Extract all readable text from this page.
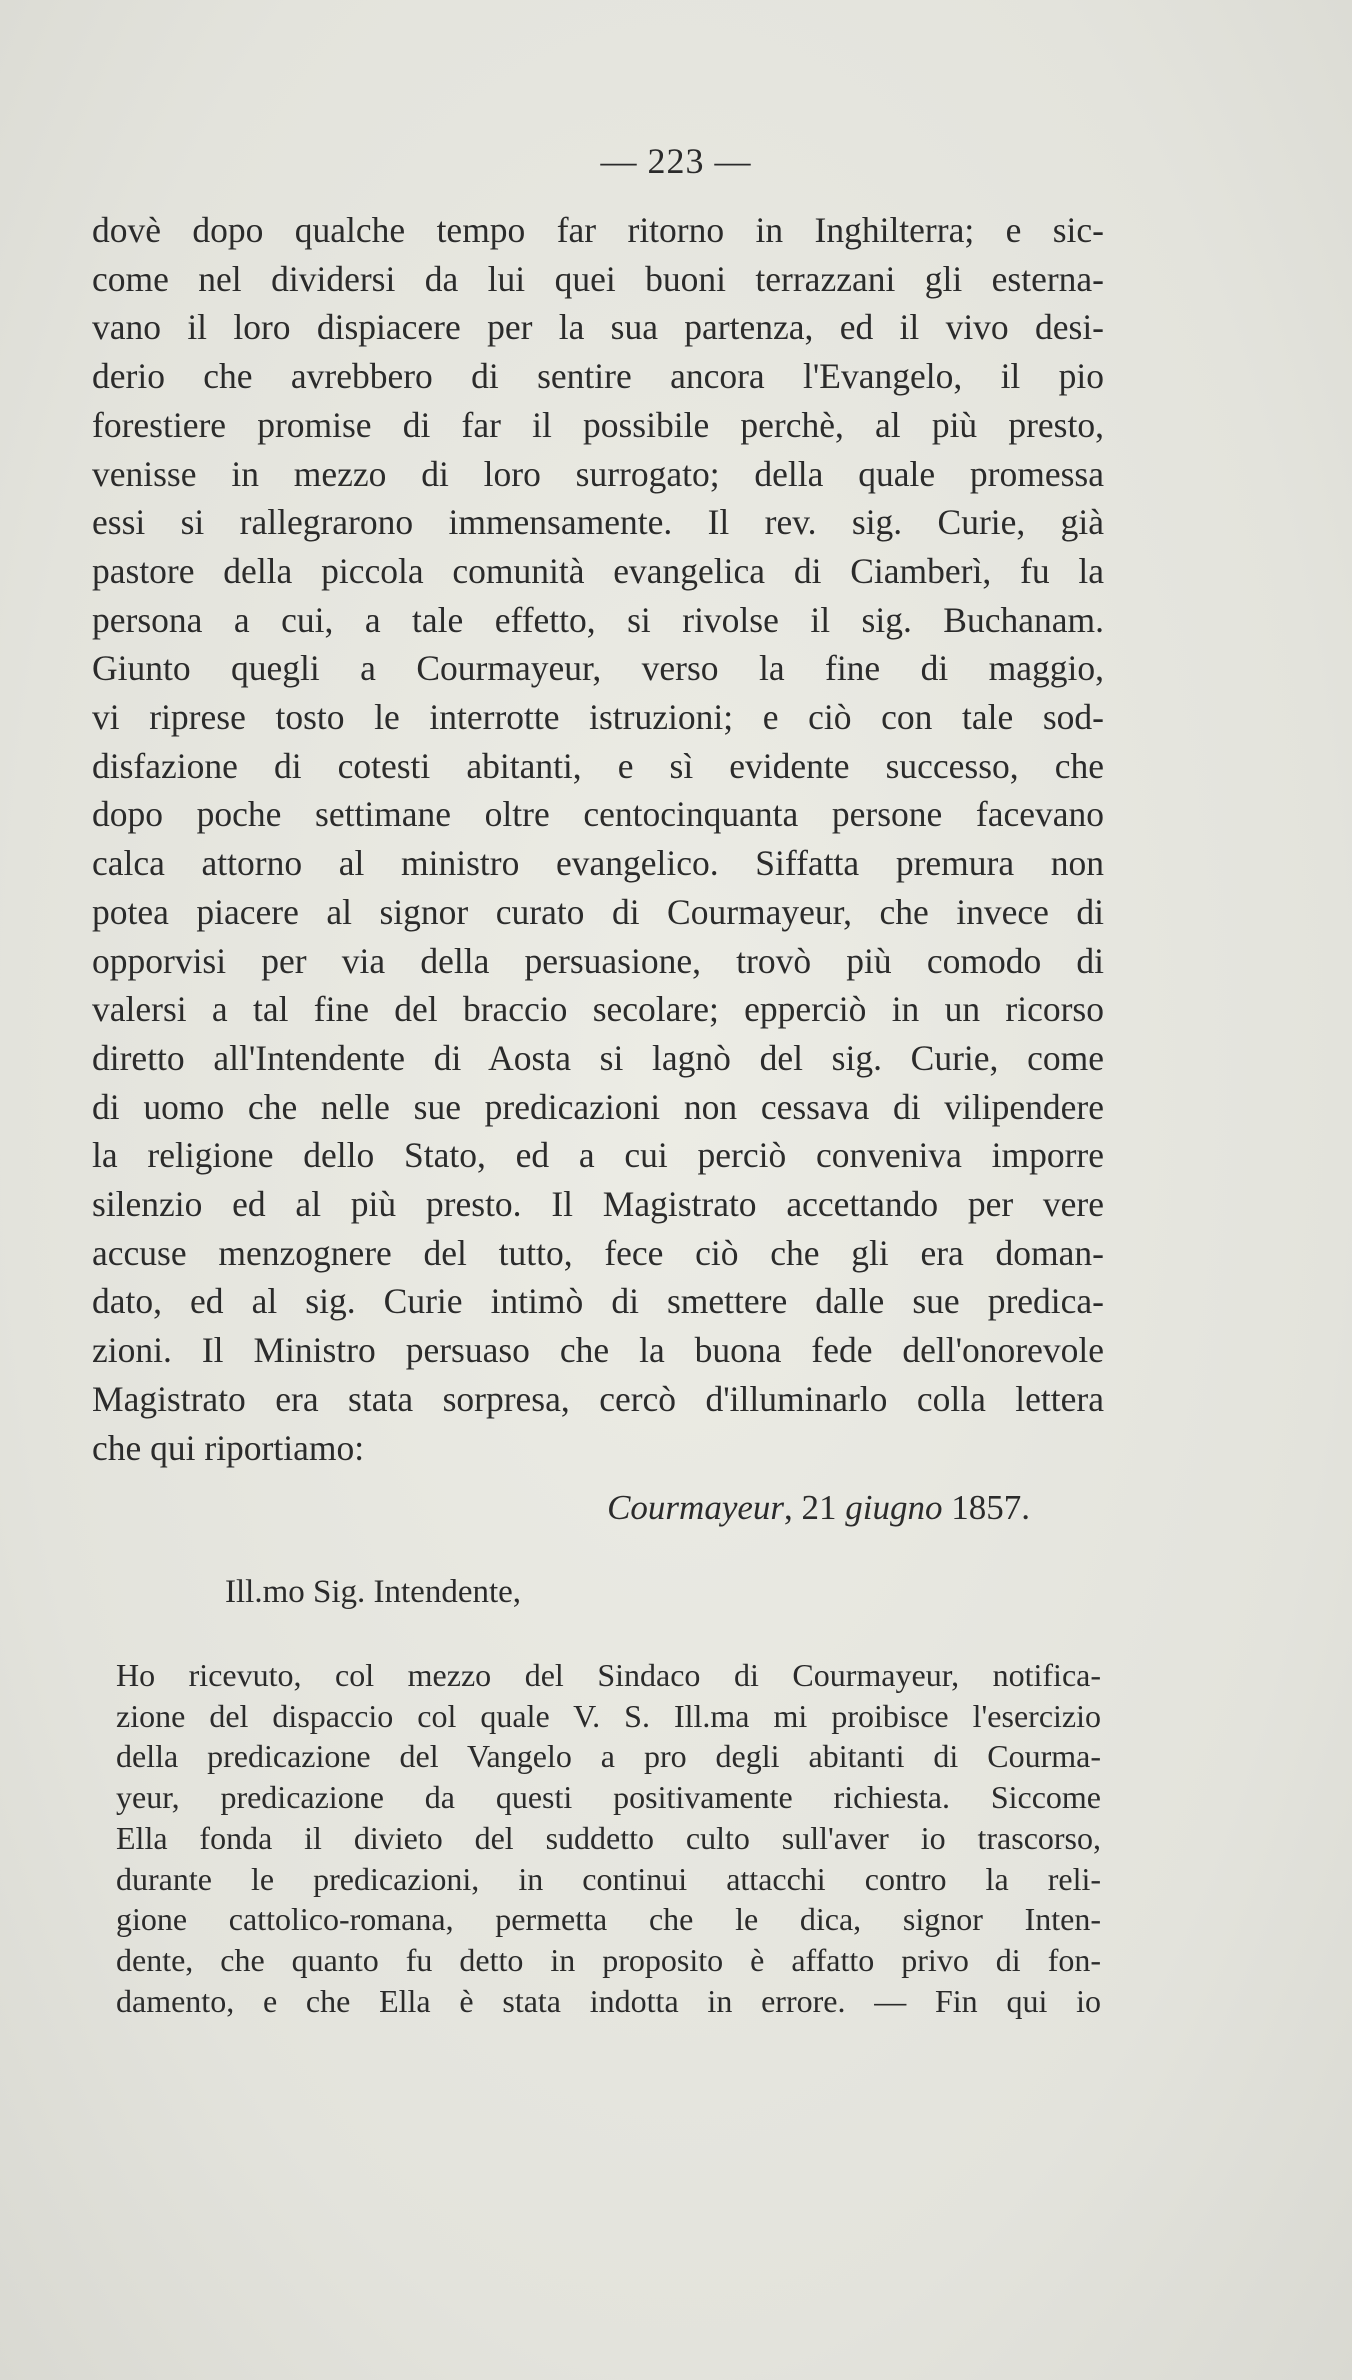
— 223 —
dovè dopo qualche tempo far ritorno in Inghilterra; e sic-
come nel dividersi da lui quei buoni terrazzani gli esterna-
vano il loro dispiacere per la sua partenza, ed il vivo desi-
derio che avrebbero di sentire ancora l'Evangelo, il pio
forestiere promise di far il possibile perchè, al più presto,
venisse in mezzo di loro surrogato; della quale promessa
essi si rallegrarono immensamente. Il rev. sig. Curie, già
pastore della piccola comunità evangelica di Ciamberì, fu la
persona a cui, a tale effetto, si rivolse il sig. Buchanam.
Giunto quegli a Courmayeur, verso la fine di maggio,
vi riprese tosto le interrotte istruzioni; e ciò con tale sod-
disfazione di cotesti abitanti, e sì evidente successo, che
dopo poche settimane oltre centocinquanta persone facevano
calca attorno al ministro evangelico. Siffatta premura non
potea piacere al signor curato di Courmayeur, che invece di
opporvisi per via della persuasione, trovò più comodo di
valersi a tal fine del braccio secolare; epperciò in un ricorso
diretto all'Intendente di Aosta si lagnò del sig. Curie, come
di uomo che nelle sue predicazioni non cessava di vilipendere
la religione dello Stato, ed a cui perciò conveniva imporre
silenzio ed al più presto. Il Magistrato accettando per vere
accuse menzognere del tutto, fece ciò che gli era doman-
dato, ed al sig. Curie intimò di smettere dalle sue predica-
zioni. Il Ministro persuaso che la buona fede dell'onorevole
Magistrato era stata sorpresa, cercò d'illuminarlo colla lettera
che qui riportiamo:
Courmayeur, 21 giugno 1857.
Ill.mo Sig. Intendente,
Ho ricevuto, col mezzo del Sindaco di Courmayeur, notifica-
zione del dispaccio col quale V. S. Ill.ma mi proibisce l'esercizio
della predicazione del Vangelo a pro degli abitanti di Courma-
yeur, predicazione da questi positivamente richiesta. Siccome
Ella fonda il divieto del suddetto culto sull'aver io trascorso,
durante le predicazioni, in continui attacchi contro la reli-
gione cattolico-romana, permetta che le dica, signor Inten-
dente, che quanto fu detto in proposito è affatto privo di fon-
damento, e che Ella è stata indotta in errore. — Fin qui io
